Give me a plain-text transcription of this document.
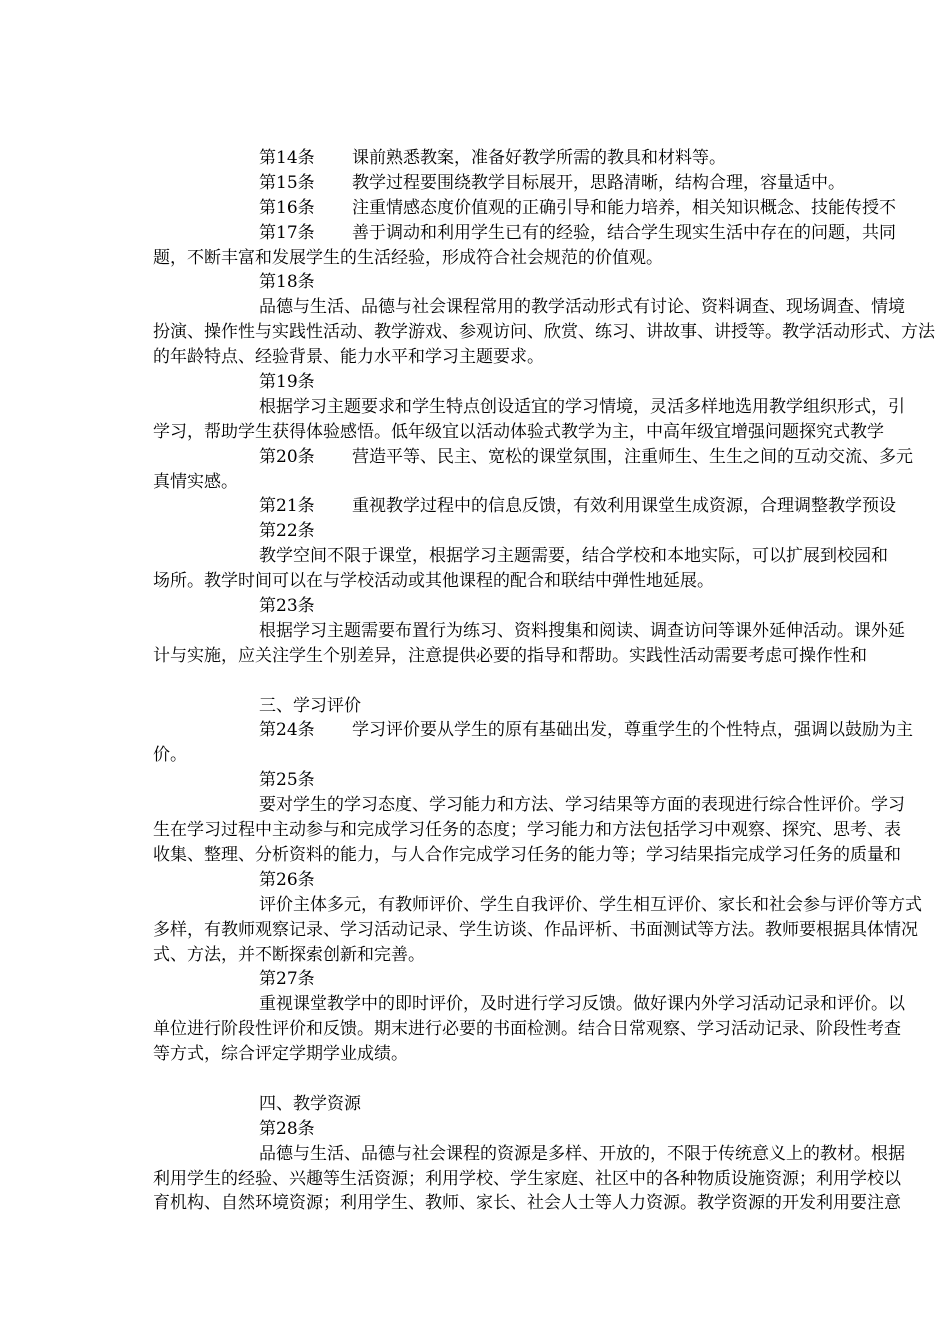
第14条 课前熟悉教案，准备好教学所需的教具和材料等。
第15条 教学过程要围绕教学目标展开，思路清晰，结构合理，容量适中。
第16条 注重情感态度价值观的正确引导和能力培养，相关知识概念、技能传授不
第17条 善于调动和利用学生已有的经验，结合学生现实生活中存在的问题，共同
题，不断丰富和发展学生的生活经验，形成符合社会规范的价值观。
第18条
品德与生活、品德与社会课程常用的教学活动形式有讨论、资料调查、现场调查、情境
扮演、操作性与实践性活动、教学游戏、参观访问、欣赏、练习、讲故事、讲授等。教学活动形式、方法
的年龄特点、经验背景、能力水平和学习主题要求。
第19条
根据学习主题要求和学生特点创设适宜的学习情境，灵活多样地选用教学组织形式，引
学习，帮助学生获得体验感悟。低年级宜以活动体验式教学为主，中高年级宜增强问题探究式教学
第20条 营造平等、民主、宽松的课堂氛围，注重师生、生生之间的互动交流、多元
真情实感。
第21条 重视教学过程中的信息反馈，有效利用课堂生成资源，合理调整教学预设
第22条
教学空间不限于课堂，根据学习主题需要，结合学校和本地实际，可以扩展到校园和
场所。教学时间可以在与学校活动或其他课程的配合和联结中弹性地延展。
第23条
根据学习主题需要布置行为练习、资料搜集和阅读、调查访问等课外延伸活动。课外延
计与实施，应关注学生个别差异，注意提供必要的指导和帮助。实践性活动需要考虑可操作性和
三、学习评价
第24条 学习评价要从学生的原有基础出发，尊重学生的个性特点，强调以鼓励为主
价。
第25条
要对学生的学习态度、学习能力和方法、学习结果等方面的表现进行综合性评价。学习
生在学习过程中主动参与和完成学习任务的态度；学习能力和方法包括学习中观察、探究、思考、表
收集、整理、分析资料的能力，与人合作完成学习任务的能力等；学习结果指完成学习任务的质量和
第26条
评价主体多元，有教师评价、学生自我评价、学生相互评价、家长和社会参与评价等方式
多样，有教师观察记录、学习活动记录、学生访谈、作品评析、书面测试等方法。教师要根据具体情况
式、方法，并不断探索创新和完善。
第27条
重视课堂教学中的即时评价，及时进行学习反馈。做好课内外学习活动记录和评价。以
单位进行阶段性评价和反馈。期末进行必要的书面检测。结合日常观察、学习活动记录、阶段性考查
等方式，综合评定学期学业成绩。
四、教学资源
第28条
品德与生活、品德与社会课程的资源是多样、开放的，不限于传统意义上的教材。根据
利用学生的经验、兴趣等生活资源；利用学校、学生家庭、社区中的各种物质设施资源；利用学校以
育机构、自然环境资源；利用学生、教师、家长、社会人士等人力资源。教学资源的开发利用要注意
